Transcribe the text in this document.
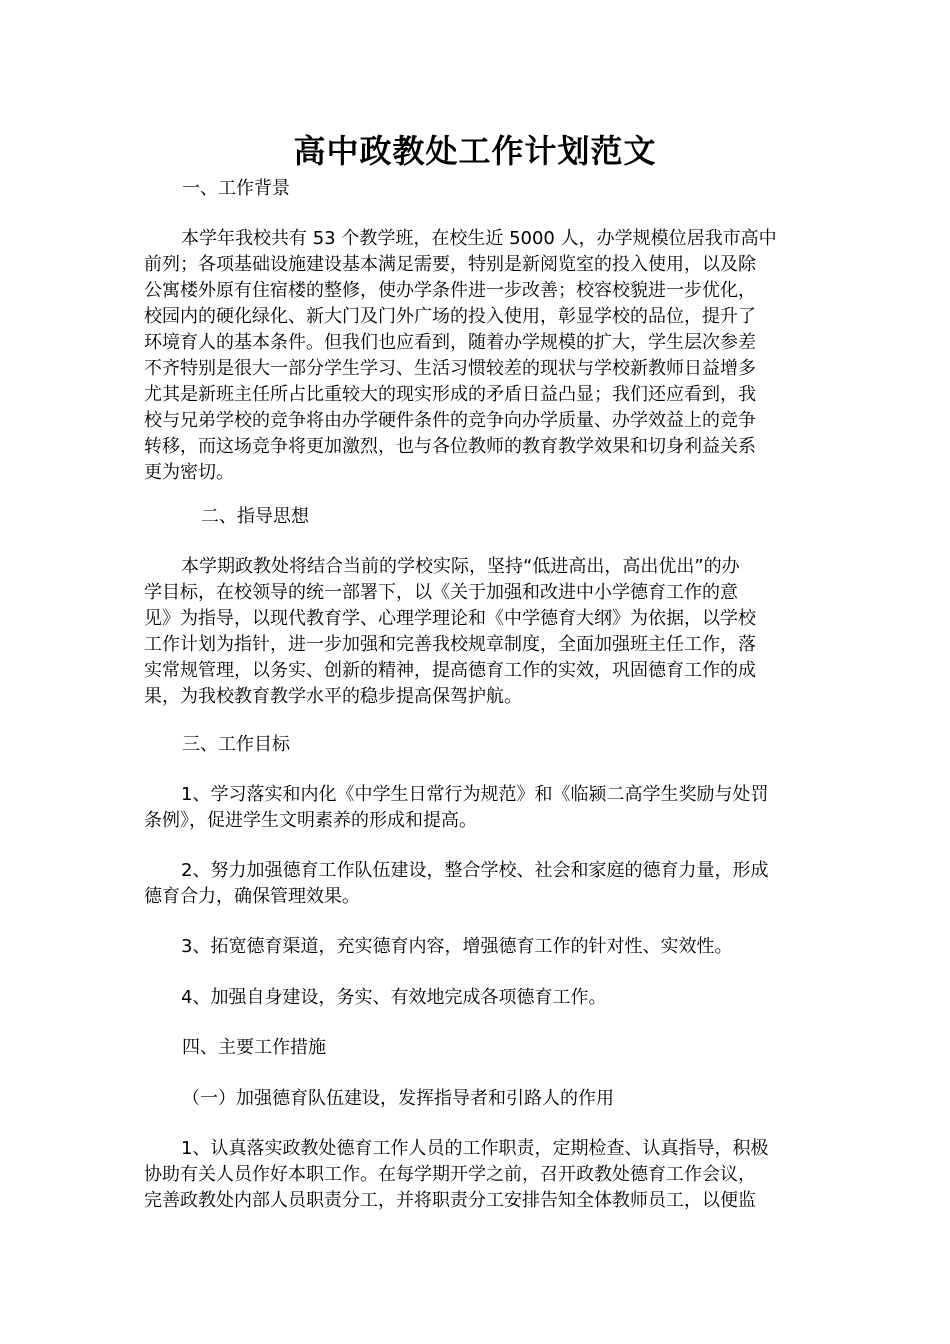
高中政教处工作计划范文
一、工作背景
本学年我校共有 53 个教学班，在校生近 5000 人，办学规模位居我市高中
前列；各项基础设施建设基本满足需要，特别是新阅览室的投入使用，以及除
公寓楼外原有住宿楼的整修，使办学条件进一步改善；校容校貌进一步优化，
校园内的硬化绿化、新大门及门外广场的投入使用，彰显学校的品位，提升了
环境育人的基本条件。但我们也应看到，随着办学规模的扩大，学生层次参差
不齐特别是很大一部分学生学习、生活习惯较差的现状与学校新教师日益增多
尤其是新班主任所占比重较大的现实形成的矛盾日益凸显；我们还应看到，我
校与兄弟学校的竞争将由办学硬件条件的竞争向办学质量、办学效益上的竞争
转移，而这场竞争将更加激烈，也与各位教师的教育教学效果和切身利益关系
更为密切。
二、指导思想
本学期政教处将结合当前的学校实际，坚持“低进高出，高出优出”的办
学目标，在校领导的统一部署下，以《关于加强和改进中小学德育工作的意
见》为指导，以现代教育学、心理学理论和《中学德育大纲》为依据，以学校
工作计划为指针，进一步加强和完善我校规章制度，全面加强班主任工作，落
实常规管理，以务实、创新的精神，提高德育工作的实效，巩固德育工作的成
果，为我校教育教学水平的稳步提高保驾护航。
三、工作目标
1、学习落实和内化《中学生日常行为规范》和《临颍二高学生奖励与处罚
条例》，促进学生文明素养的形成和提高。
2、努力加强德育工作队伍建设，整合学校、社会和家庭的德育力量，形成
德育合力，确保管理效果。
3、拓宽德育渠道，充实德育内容，增强德育工作的针对性、实效性。
4、加强自身建设，务实、有效地完成各项德育工作。
四、主要工作措施
（一）加强德育队伍建设，发挥指导者和引路人的作用
1、认真落实政教处德育工作人员的工作职责，定期检查、认真指导，积极
协助有关人员作好本职工作。在每学期开学之前，召开政教处德育工作会议，
完善政教处内部人员职责分工，并将职责分工安排告知全体教师员工，以便监
